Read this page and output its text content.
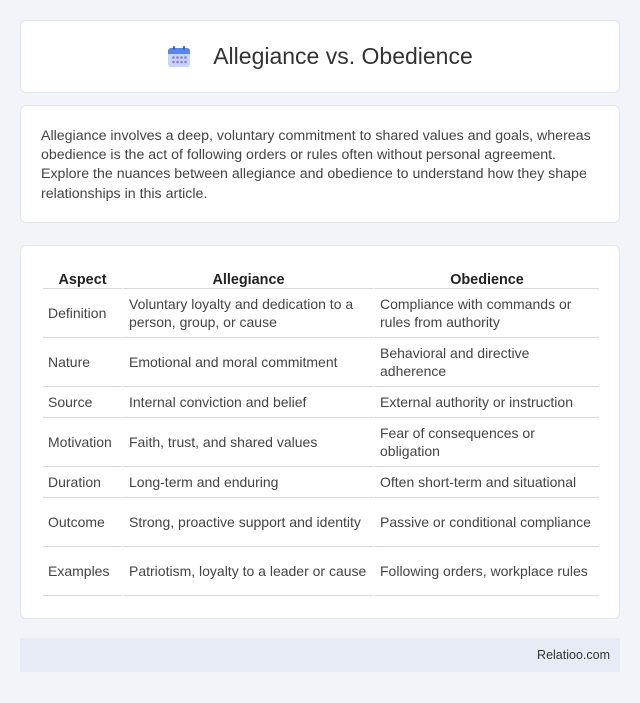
Allegiance vs. Obedience

Allegiance involves a deep, voluntary commitment to shared values and goals, whereas obedience is the act of following orders or rules often without personal agreement. Explore the nuances between allegiance and obedience to understand how they shape relationships in this article.

Aspect	Allegiance	Obedience
Definition	Voluntary loyalty and dedication to a person, group, or cause	Compliance with commands or rules from authority
Nature	Emotional and moral commitment	Behavioral and directive adherence
Source	Internal conviction and belief	External authority or instruction
Motivation	Faith, trust, and shared values	Fear of consequences or obligation
Duration	Long-term and enduring	Often short-term and situational
Outcome	Strong, proactive support and identity	Passive or conditional compliance
Examples	Patriotism, loyalty to a leader or cause	Following orders, workplace rules
Relatioo.com
